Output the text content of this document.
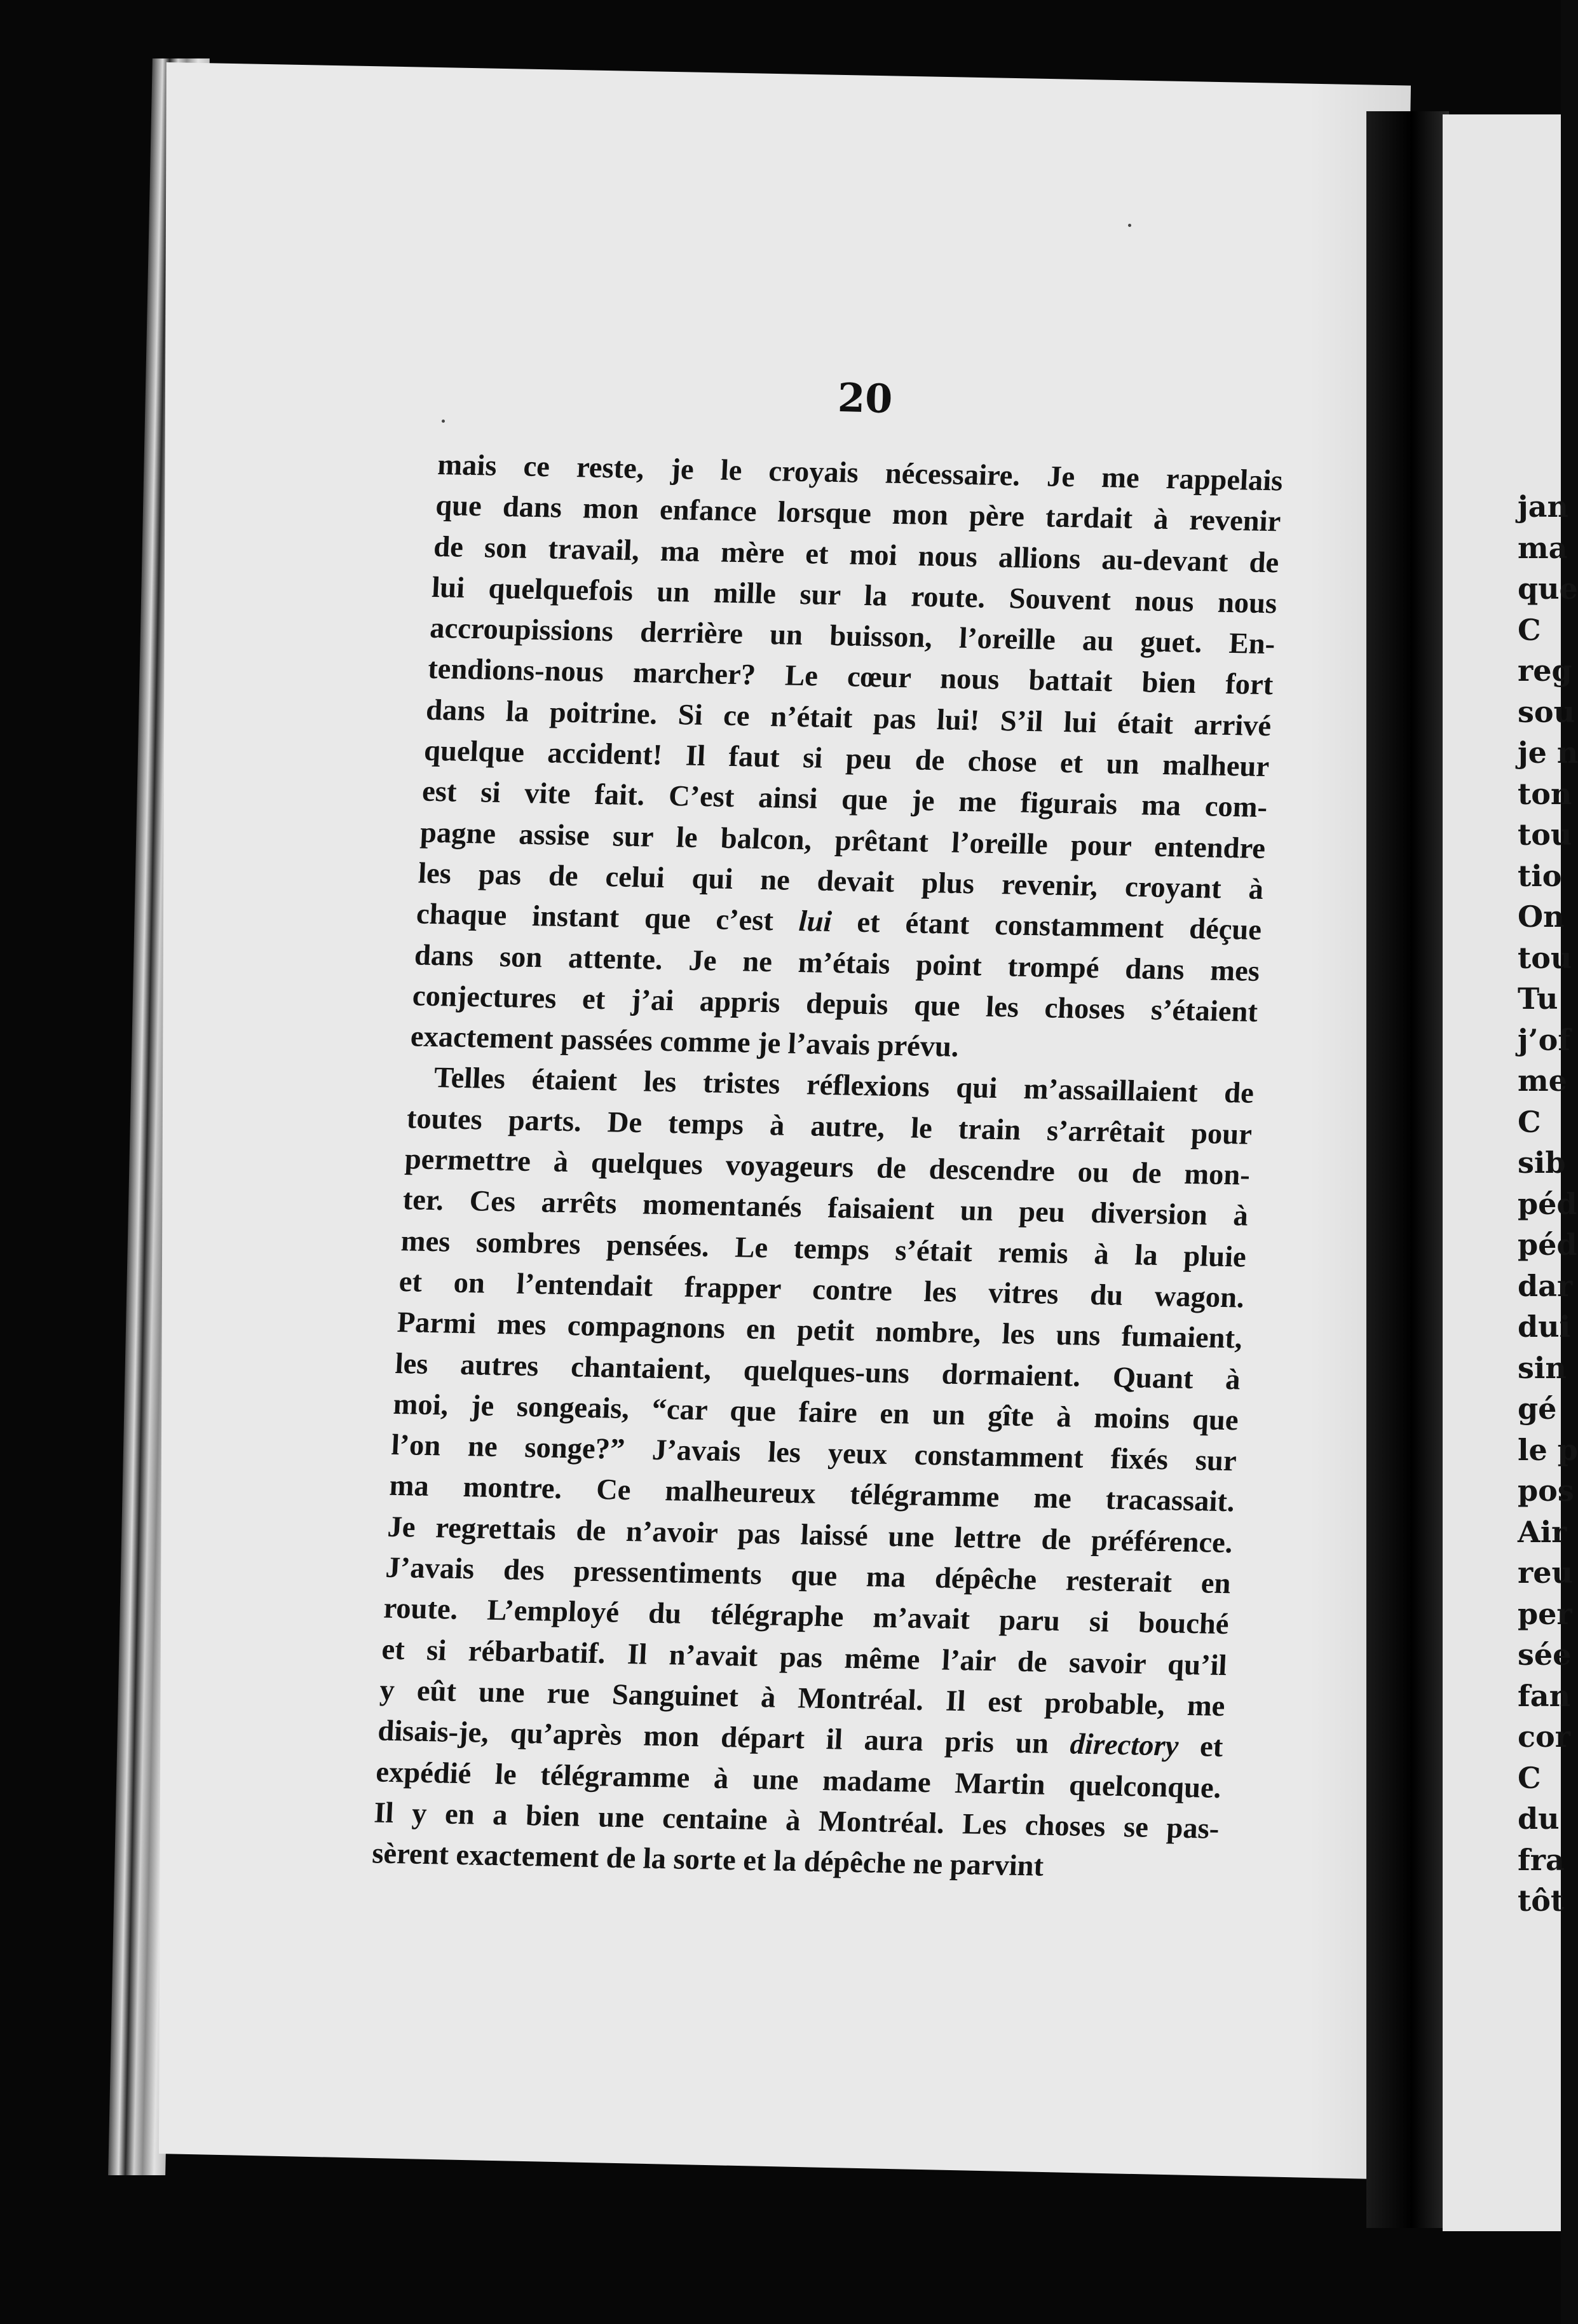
jan
ma
que
C
reg
sou
je n
ton
tou
tio
On
tou
Tu
j’of
me
C
sib
péd
péd
dar
dui
sin
gé
le p
pos
Air
reu
per
sée
fan
cor
C
du
fra
tôt
20
mais ce reste, je le croyais nécessaire. Je me rappelais
que dans mon enfance lorsque mon père tardait à revenir
de son travail, ma mère et moi nous allions au-devant de
lui quelquefois un mille sur la route. Souvent nous nous
accroupissions derrière un buisson, l’oreille au guet. En-
tendions-nous marcher? Le cœur nous battait bien fort
dans la poitrine. Si ce n’était pas lui! S’il lui était arrivé
quelque accident! Il faut si peu de chose et un malheur
est si vite fait. C’est ainsi que je me figurais ma com-
pagne assise sur le balcon, prêtant l’oreille pour entendre
les pas de celui qui ne devait plus revenir, croyant à
chaque instant que c’est lui et étant constamment déçue
dans son attente. Je ne m’étais point trompé dans mes
conjectures et j’ai appris depuis que les choses s’étaient
exactement passées comme je l’avais prévu.
Telles étaient les tristes réflexions qui m’assaillaient de
toutes parts. De temps à autre, le train s’arrêtait pour
permettre à quelques voyageurs de descendre ou de mon-
ter. Ces arrêts momentanés faisaient un peu diversion à
mes sombres pensées. Le temps s’était remis à la pluie
et on l’entendait frapper contre les vitres du wagon.
Parmi mes compagnons en petit nombre, les uns fumaient,
les autres chantaient, quelques-uns dormaient. Quant à
moi, je songeais, “car que faire en un gîte à moins que
l’on ne songe?” J’avais les yeux constamment fixés sur
ma montre. Ce malheureux télégramme me tracassait.
Je regrettais de n’avoir pas laissé une lettre de préférence.
J’avais des pressentiments que ma dépêche resterait en
route. L’employé du télégraphe m’avait paru si bouché
et si rébarbatif. Il n’avait pas même l’air de savoir qu’il
y eût une rue Sanguinet à Montréal. Il est probable, me
disais-je, qu’après mon départ il aura pris un directory et
expédié le télégramme à une madame Martin quelconque.
Il y en a bien une centaine à Montréal. Les choses se pas-
sèrent exactement de la sorte et la dépêche ne parvint
